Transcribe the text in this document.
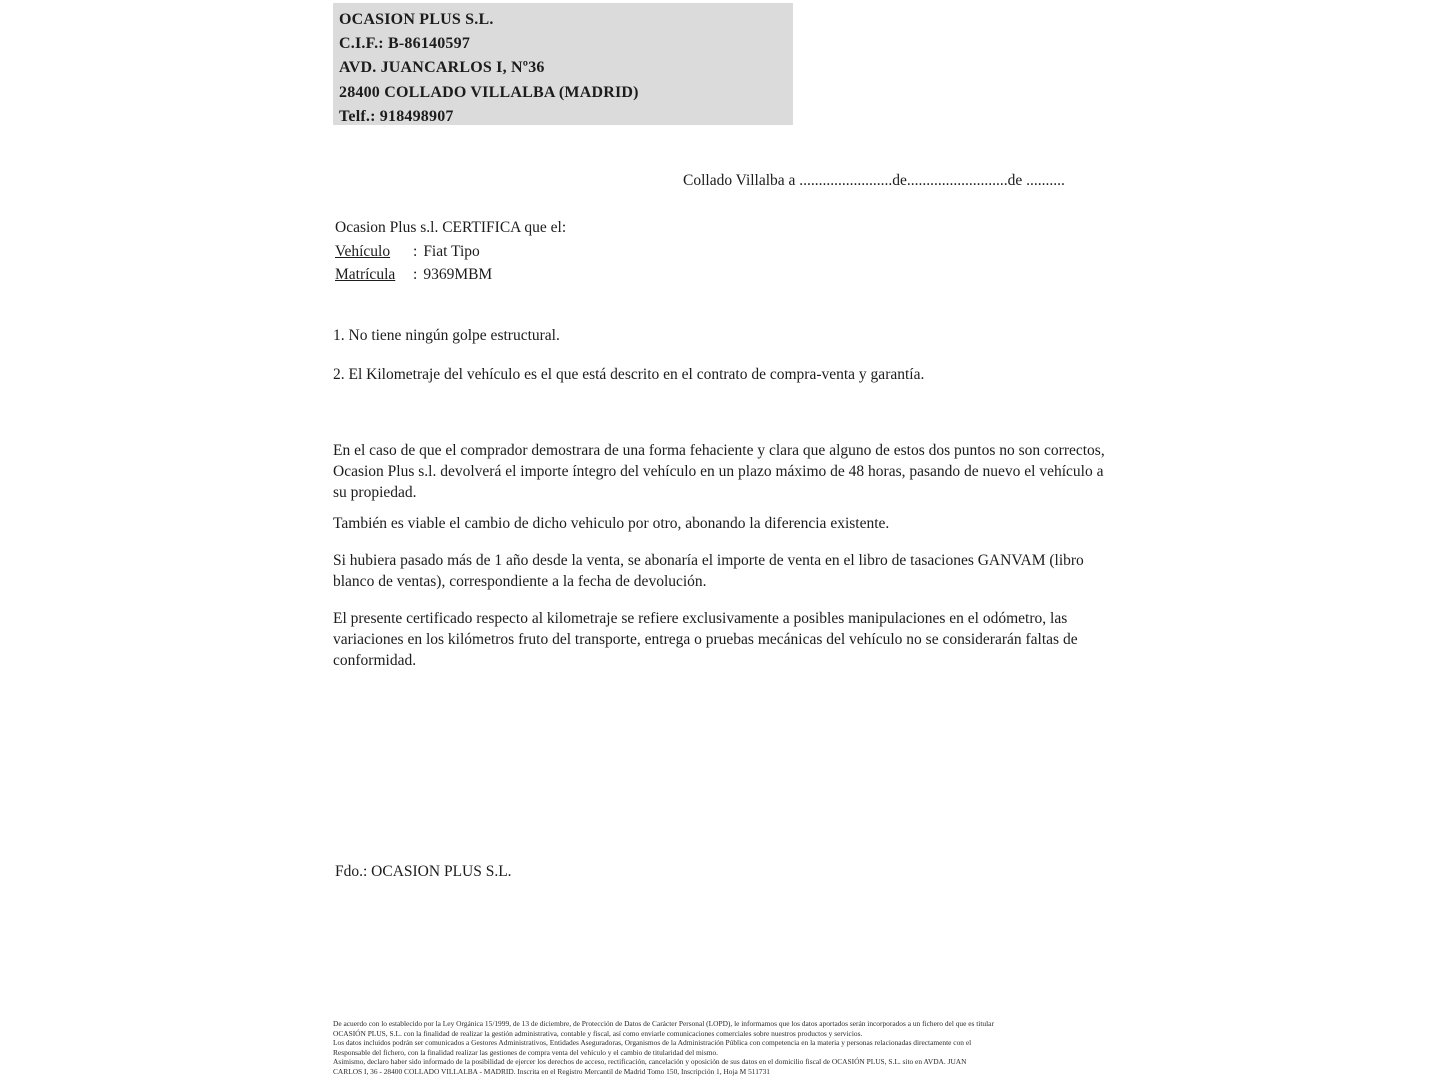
OCASION PLUS S.L.
C.I.F.: B-86140597
AVD. JUANCARLOS I, Nº36
28400 COLLADO VILLALBA (MADRID)
Telf.: 918498907
Collado Villalba a ........................de..........................de ..........
Ocasion Plus s.l. CERTIFICA que el:
Vehículo : Fiat Tipo
Matrícula : 9369MBM
1. No tiene ningún golpe estructural.
2. El Kilometraje del vehículo es el que está descrito en el contrato de compra-venta y garantía.
En el caso de que el comprador demostrara de una forma fehaciente y clara que alguno de estos dos puntos no son correctos, Ocasion Plus s.l. devolverá el importe íntegro del vehículo en un plazo máximo de 48 horas, pasando de nuevo el vehículo a su propiedad.
También es viable el cambio de dicho vehiculo por otro, abonando la diferencia existente.
Si hubiera pasado más de 1 año desde la venta, se abonaría el importe de venta en el libro de tasaciones GANVAM (libro blanco de ventas), correspondiente a la fecha de devolución.
El presente certificado respecto al kilometraje se refiere exclusivamente a posibles manipulaciones en el odómetro, las variaciones en los kilómetros fruto del transporte, entrega o pruebas mecánicas del vehículo no se considerarán faltas de conformidad.
Fdo.: OCASION PLUS S.L.
De acuerdo con lo establecido por la Ley Orgánica 15/1999, de 13 de diciembre, de Protección de Datos de Carácter Personal (LOPD), le informamos que los datos aportados serán incorporados a un fichero del que es titular
OCASIÓN PLUS, S.L. con la finalidad de realizar la gestión administrativa, contable y fiscal, así como enviarle comunicaciones comerciales sobre nuestros productos y servicios.
Los datos incluidos podrán ser comunicados a Gestores Administrativos, Entidades Aseguradoras, Organismos de la Administración Pública con competencia en la materia y personas relacionadas directamente con el
Responsable del fichero, con la finalidad realizar las gestiones de compra venta del vehículo y el cambio de titularidad del mismo.
Asimismo, declaro haber sido informado de la posibilidad de ejercer los derechos de acceso, rectificación, cancelación y oposición de sus datos en el domicilio fiscal de OCASIÓN PLUS, S.L. sito en AVDA. JUAN
CARLOS I, 36 - 28400 COLLADO VILLALBA - MADRID. Inscrita en el Registro Mercantil de Madrid Tomo 150, Inscripción 1, Hoja M 511731
